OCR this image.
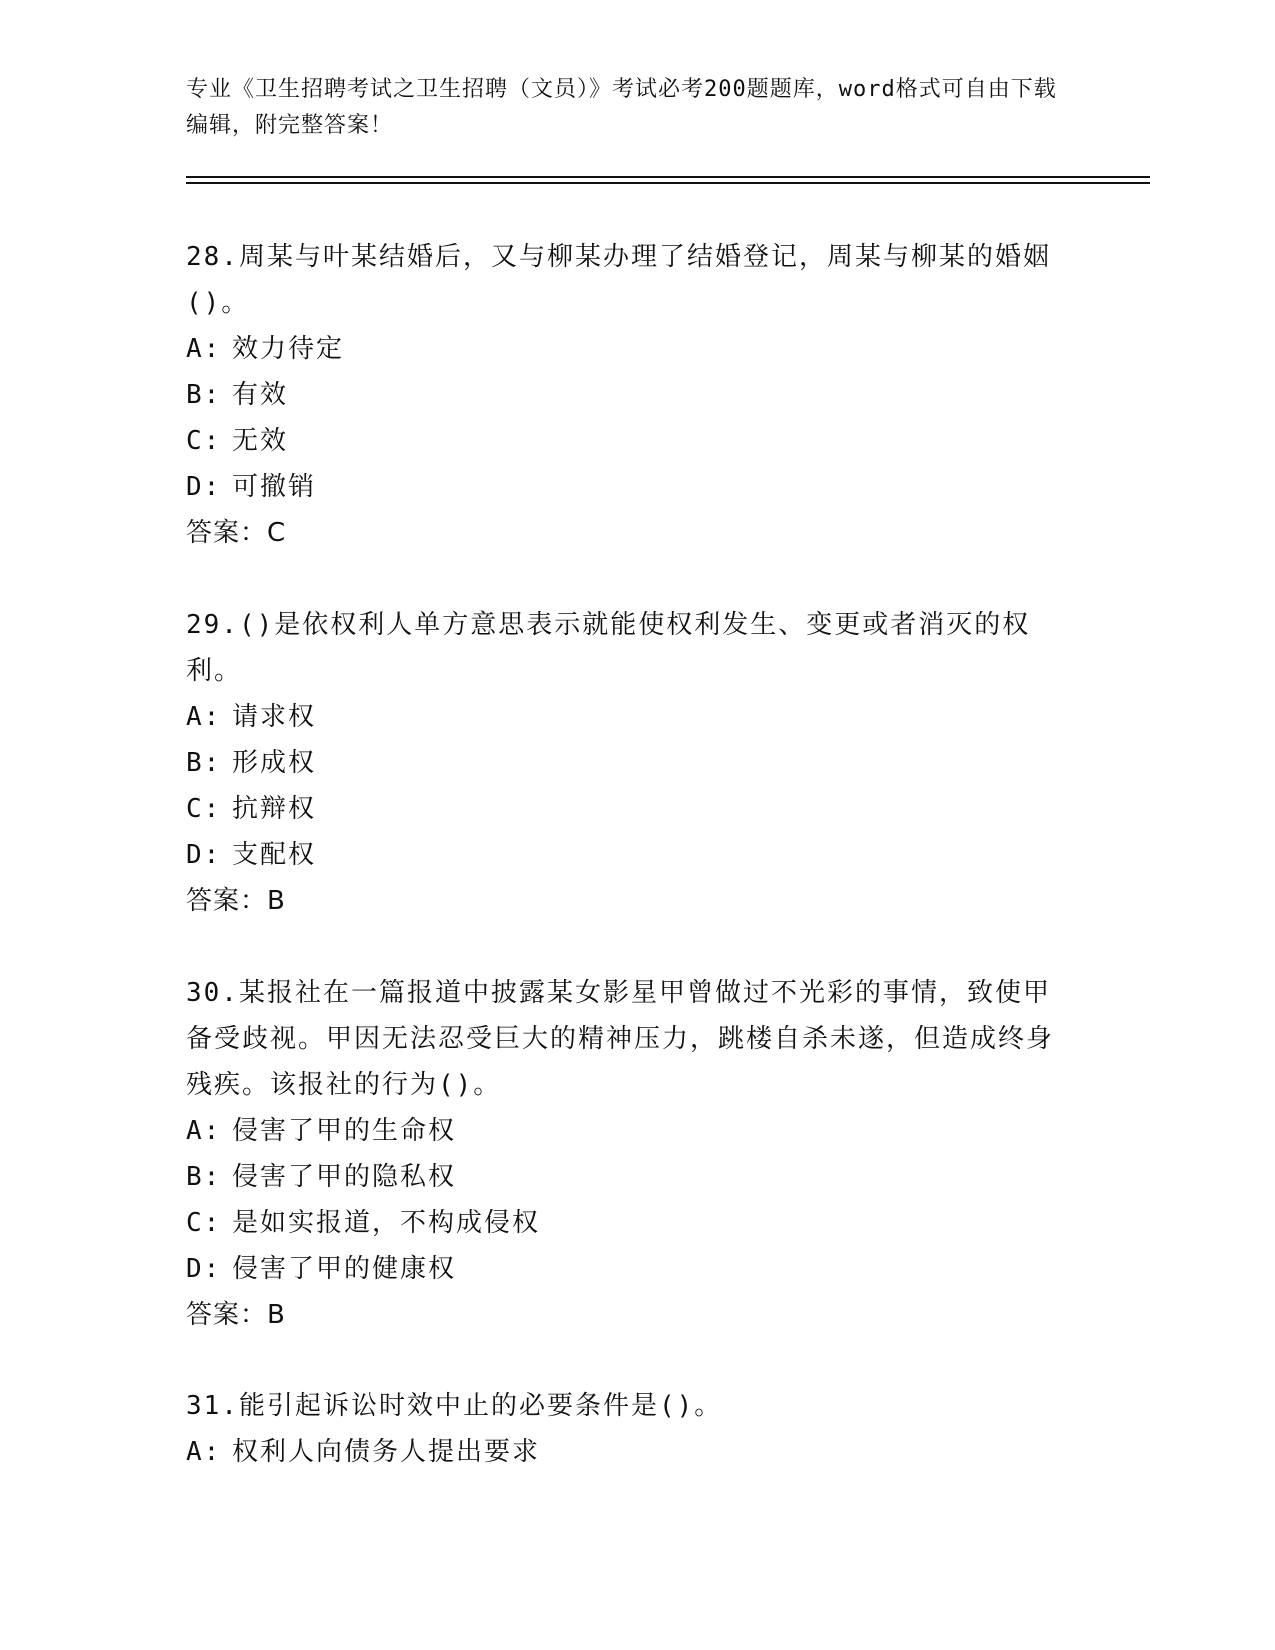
专业《卫生招聘考试之卫生招聘（文员）》考试必考200题题库，word格式可自由下载编辑，附完整答案！

28.周某与叶某结婚后，又与柳某办理了结婚登记，周某与柳某的婚姻()。

A: 效力待定

B: 有效

C: 无效

D: 可撤销

答案：C

29.()是依权利人单方意思表示就能使权利发生、变更或者消灭的权利。

A: 请求权

B: 形成权

C: 抗辩权

D: 支配权

答案：B

30.某报社在一篇报道中披露某女影星甲曾做过不光彩的事情，致使甲备受歧视。甲因无法忍受巨大的精神压力，跳楼自杀未遂，但造成终身残疾。该报社的行为()。

A: 侵害了甲的生命权

B: 侵害了甲的隐私权

C: 是如实报道，不构成侵权

D: 侵害了甲的健康权

答案：B

31.能引起诉讼时效中止的必要条件是()。

A: 权利人向债务人提出要求
